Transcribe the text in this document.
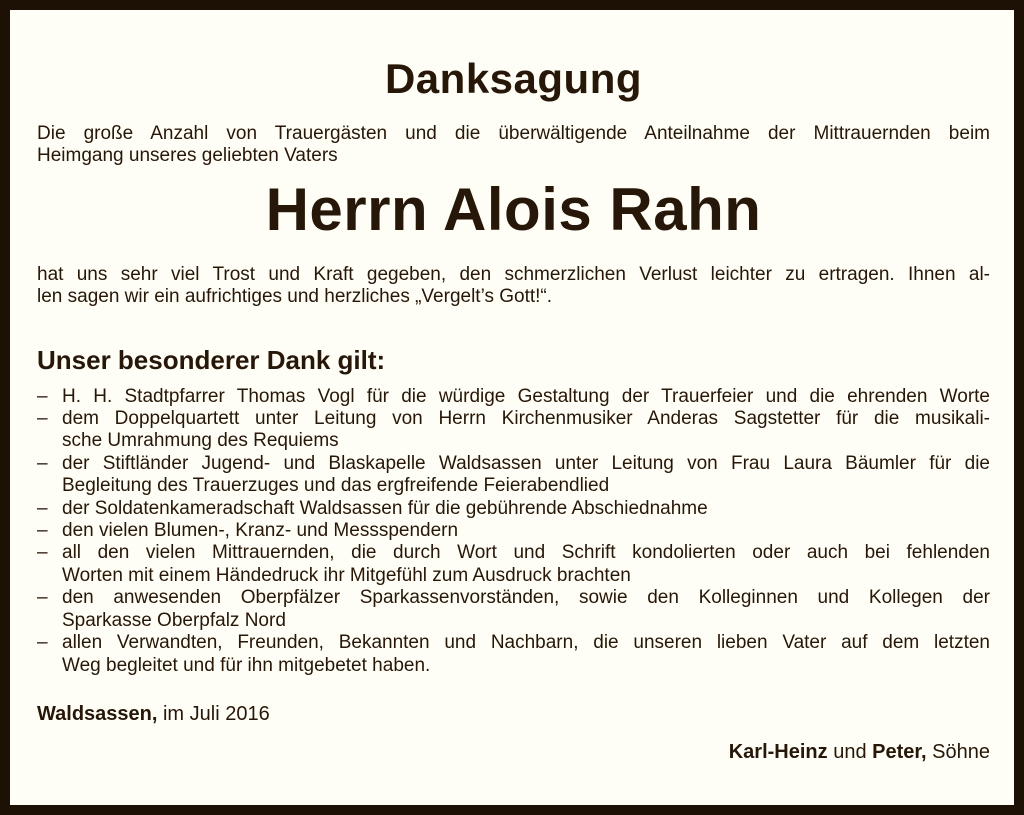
Danksagung
Die große Anzahl von Trauergästen und die überwältigende Anteilnahme der Mittrauernden beim
Heimgang unseres geliebten Vaters
Herrn Alois Rahn
hat uns sehr viel Trost und Kraft gegeben, den schmerzlichen Verlust leichter zu ertragen. Ihnen al-
len sagen wir ein aufrichtiges und herzliches „Vergelt’s Gott!“.
Unser besonderer Dank gilt:
– H. H. Stadtpfarrer Thomas Vogl für die würdige Gestaltung der Trauerfeier und die ehrenden Worte
– dem Doppelquartett unter Leitung von Herrn Kirchenmusiker Anderas Sagstetter für die musikali-
sche Umrahmung des Requiems
– der Stiftländer Jugend- und Blaskapelle Waldsassen unter Leitung von Frau Laura Bäumler für die
Begleitung des Trauerzuges und das ergfreifende Feierabendlied
– der Soldatenkameradschaft Waldsassen für die gebührende Abschiednahme
– den vielen Blumen-, Kranz- und Messspendern
– all den vielen Mittrauernden, die durch Wort und Schrift kondolierten oder auch bei fehlenden
Worten mit einem Händedruck ihr Mitgefühl zum Ausdruck brachten
– den anwesenden Oberpfälzer Sparkassenvorständen, sowie den Kolleginnen und Kollegen der
Sparkasse Oberpfalz Nord
– allen Verwandten, Freunden, Bekannten und Nachbarn, die unseren lieben Vater auf dem letzten
Weg begleitet und für ihn mitgebetet haben.

Waldsassen, im Juli 2016

Karl-Heinz und Peter, Söhne
